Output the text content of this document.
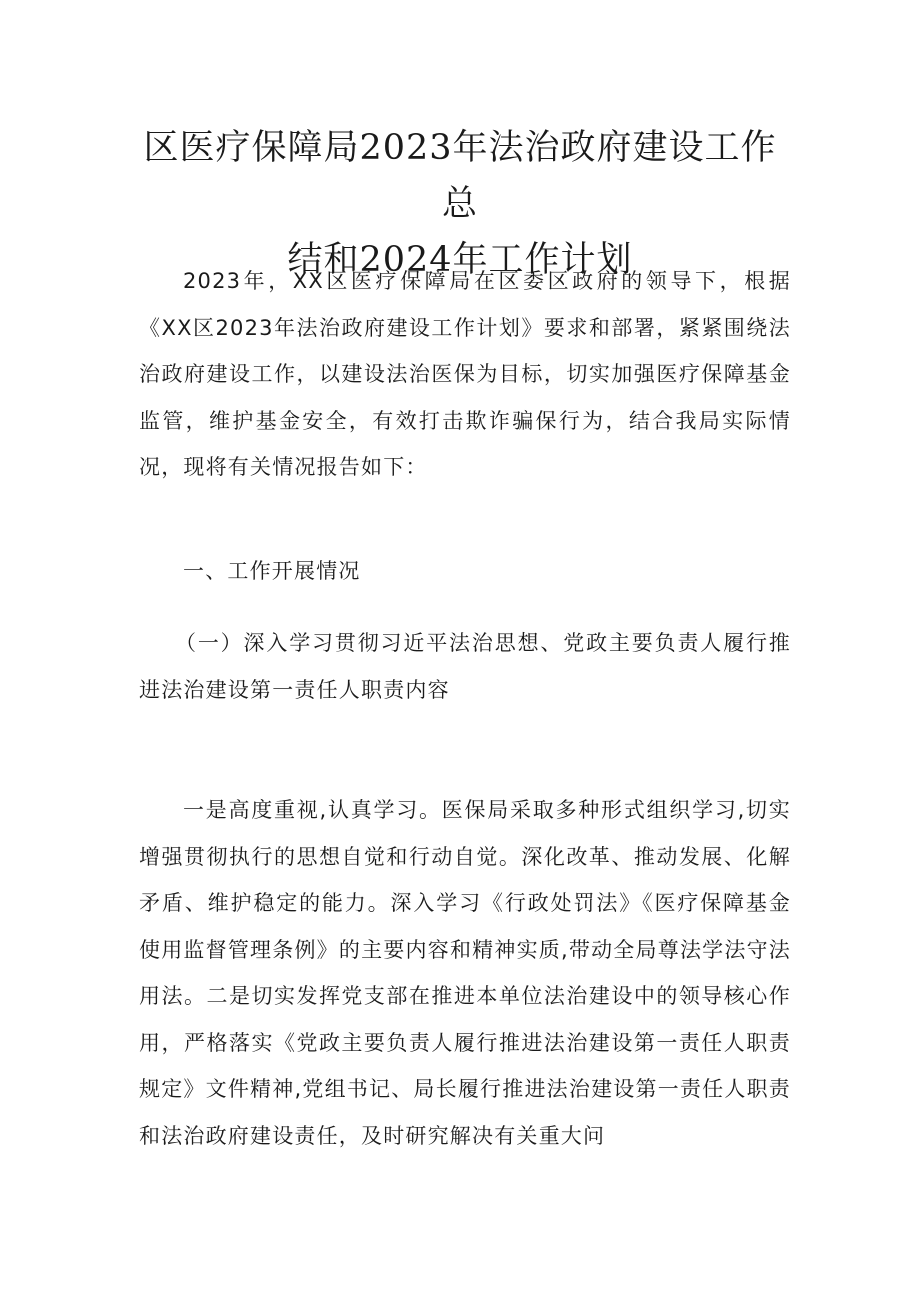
区医疗保障局2023年法治政府建设工作总
结和2024年工作计划

2023年，XX区医疗保障局在区委区政府的领导下，根据《XX区2023年法治政府建设工作计划》要求和部署，紧紧围绕法治政府建设工作，以建设法治医保为目标，切实加强医疗保障基金监管，维护基金安全，有效打击欺诈骗保行为，结合我局实际情况，现将有关情况报告如下：

一、工作开展情况

（一）深入学习贯彻习近平法治思想、党政主要负责人履行推进法治建设第一责任人职责内容

一是高度重视,认真学习。医保局采取多种形式组织学习,切实增强贯彻执行的思想自觉和行动自觉。深化改革、推动发展、化解矛盾、维护稳定的能力。深入学习《行政处罚法》《医疗保障基金使用监督管理条例》的主要内容和精神实质,带动全局尊法学法守法用法。二是切实发挥党支部在推进本单位法治建设中的领导核心作用，严格落实《党政主要负责人履行推进法治建设第一责任人职责规定》文件精神,党组书记、局长履行推进法治建设第一责任人职责和法治政府建设责任，及时研究解决有关重大问
